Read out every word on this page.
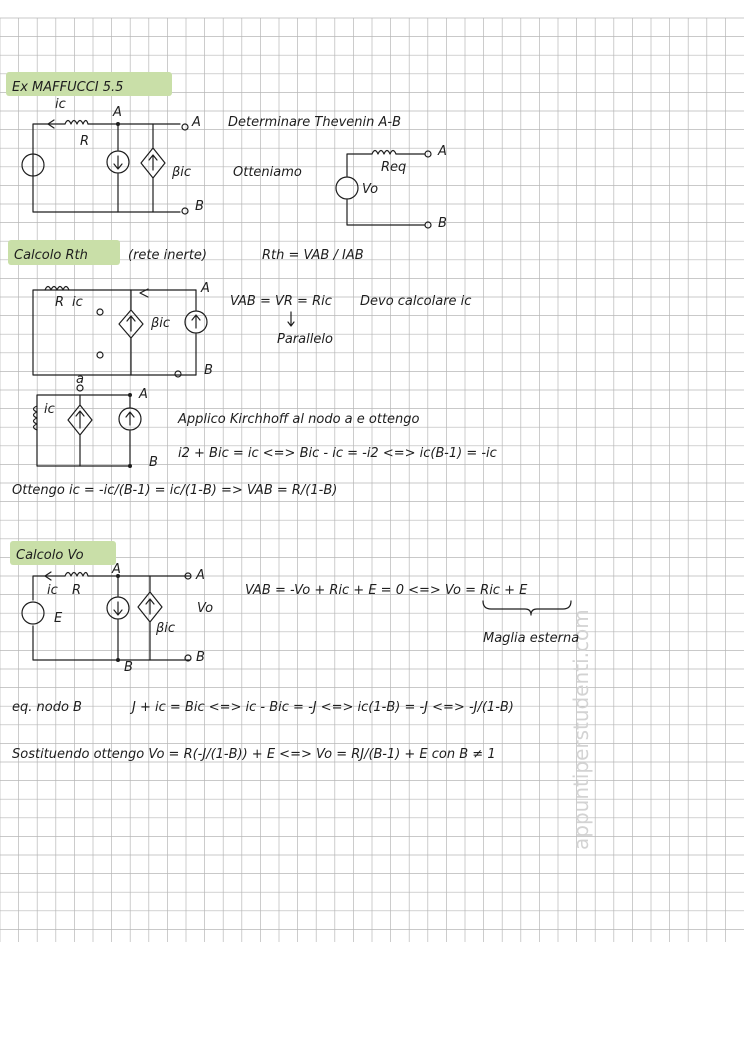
appuntiperstudenti.com
Ex MAFFUCCI 5.5
ic
R
A
A
B
βic
Determinare Thevenin A-B
Otteniamo	Req
Vo
A
B
Calcolo Rth	(rete inerte)	Rth = VAB / IAB
R ic
βic
A
B
VAB = VR = Ric Devo calcolare ic
Parallelo
ic
a
A
B
Applico Kirchhoff al nodo a e ottengo
i2 + Bic = ic <=> Bic - ic = -i2 <=> ic(B-1) = -ic
Ottengo ic = -ic/(B-1) = ic/(1-B) => VAB = R/(1-B)
Calcolo Vo
ic R
A
E
βic
Vo
A
B
B
VAB = -Vo + Ric + E = 0 <=> Vo = Ric + E
Maglia esterna
eq. nodo B	J + ic = Bic <=> ic - Bic = -J <=> ic(1-B) = -J <=> -J/(1-B)
Sostituendo ottengo Vo = R(-J/(1-B)) + E <=> Vo = RJ/(B-1) + E con B ≠ 1
